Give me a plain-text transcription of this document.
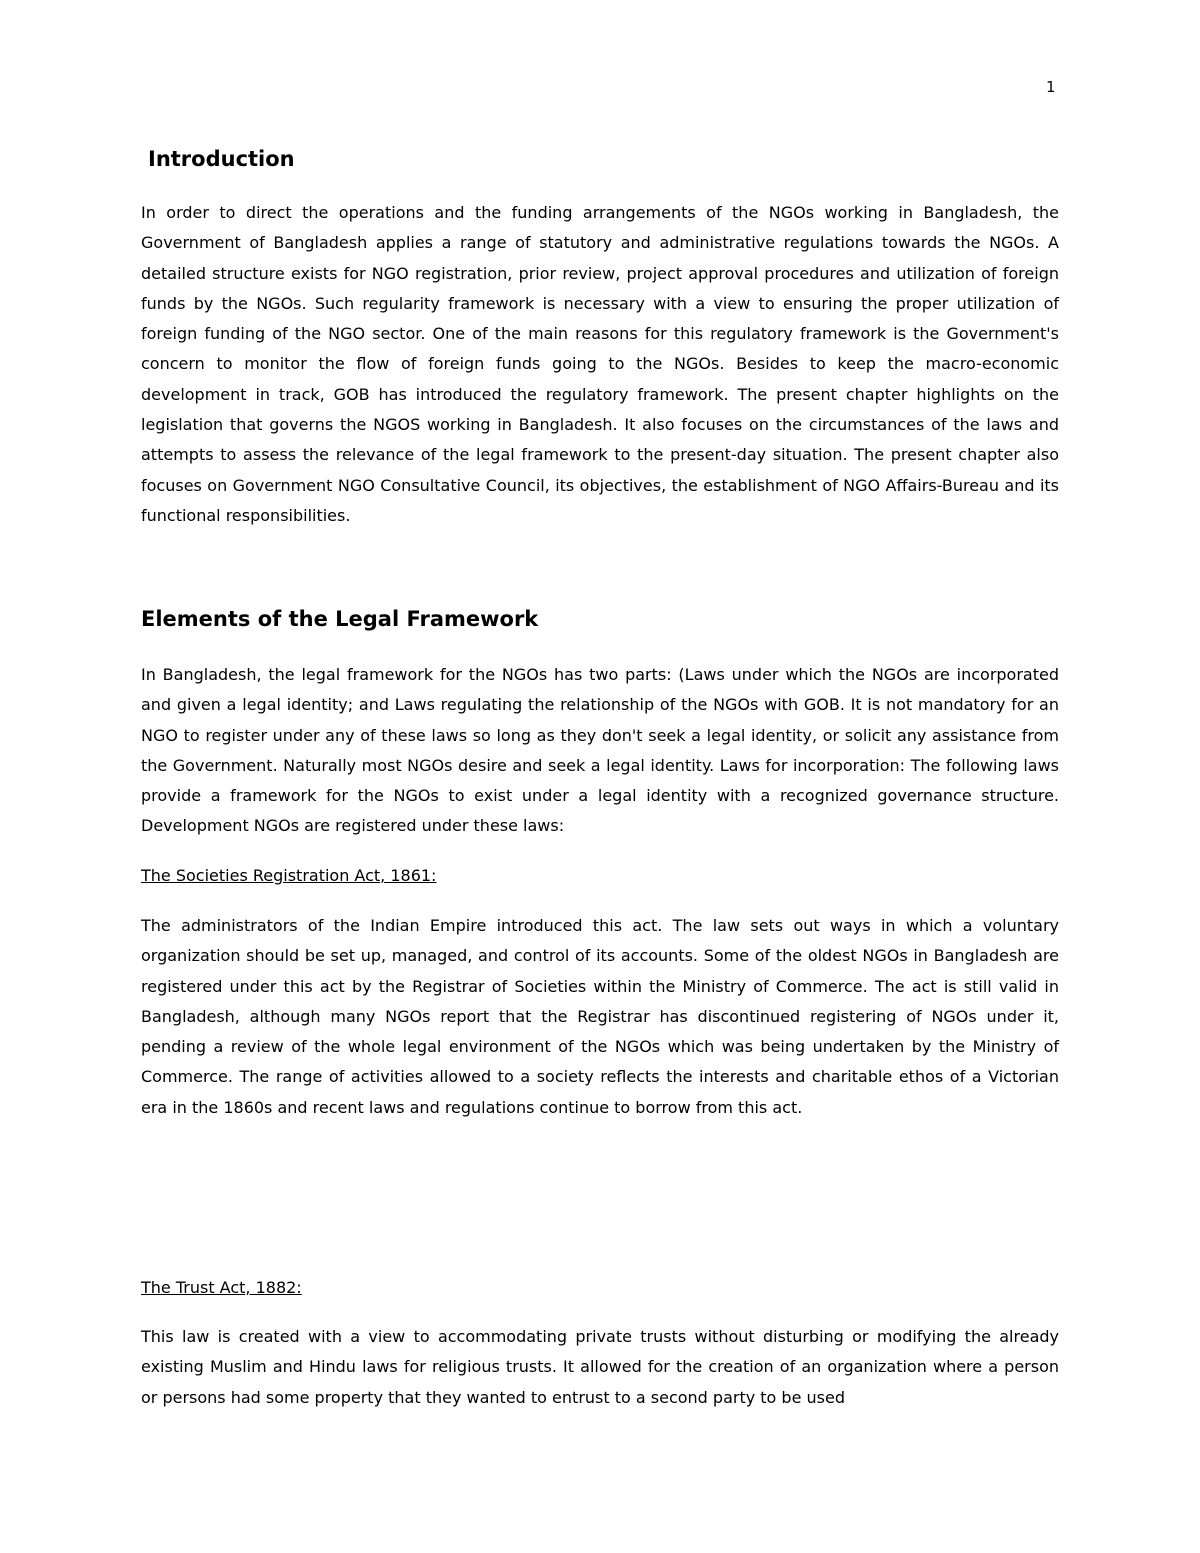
1
Introduction

In order to direct the operations and the funding arrangements of the NGOs working in Bangladesh, the Government of Bangladesh applies a range of statutory and administrative regulations towards the NGOs. A detailed structure exists for NGO registration, prior review, project approval procedures and utilization of foreign funds by the NGOs. Such regularity framework is necessary with a view to ensuring the proper utilization of foreign funding of the NGO sector. One of the main reasons for this regulatory framework is the Government's concern to monitor the flow of foreign funds going to the NGOs. Besides to keep the macro-economic development in track, GOB has introduced the regulatory framework. The present chapter highlights on the legislation that governs the NGOS working in Bangladesh. It also focuses on the circumstances of the laws and attempts to assess the relevance of the legal framework to the present-day situation. The present chapter also focuses on Government NGO Consultative Council, its objectives, the establishment of NGO Affairs-Bureau and its functional responsibilities.

Elements of the Legal Framework

In Bangladesh, the legal framework for the NGOs has two parts: (Laws under which the NGOs are incorporated and given a legal identity; and Laws regulating the relationship of the NGOs with GOB. It is not mandatory for an NGO to register under any of these laws so long as they don't seek a legal identity, or solicit any assistance from the Government. Naturally most NGOs desire and seek a legal identity. Laws for incorporation: The following laws provide a framework for the NGOs to exist under a legal identity with a recognized governance structure. Development NGOs are registered under these laws:

The Societies Registration Act, 1861:

The administrators of the Indian Empire introduced this act. The law sets out ways in which a voluntary organization should be set up, managed, and control of its accounts. Some of the oldest NGOs in Bangladesh are registered under this act by the Registrar of Societies within the Ministry of Commerce. The act is still valid in Bangladesh, although many NGOs report that the Registrar has discontinued registering of NGOs under it, pending a review of the whole legal environment of the NGOs which was being undertaken by the Ministry of Commerce. The range of activities allowed to a society reflects the interests and charitable ethos of a Victorian era in the 1860s and recent laws and regulations continue to borrow from this act.

The Trust Act, 1882:

This law is created with a view to accommodating private trusts without disturbing or modifying the already existing Muslim and Hindu laws for religious trusts. It allowed for the creation of an organization where a person or persons had some property that they wanted to entrust to a second party to be used
